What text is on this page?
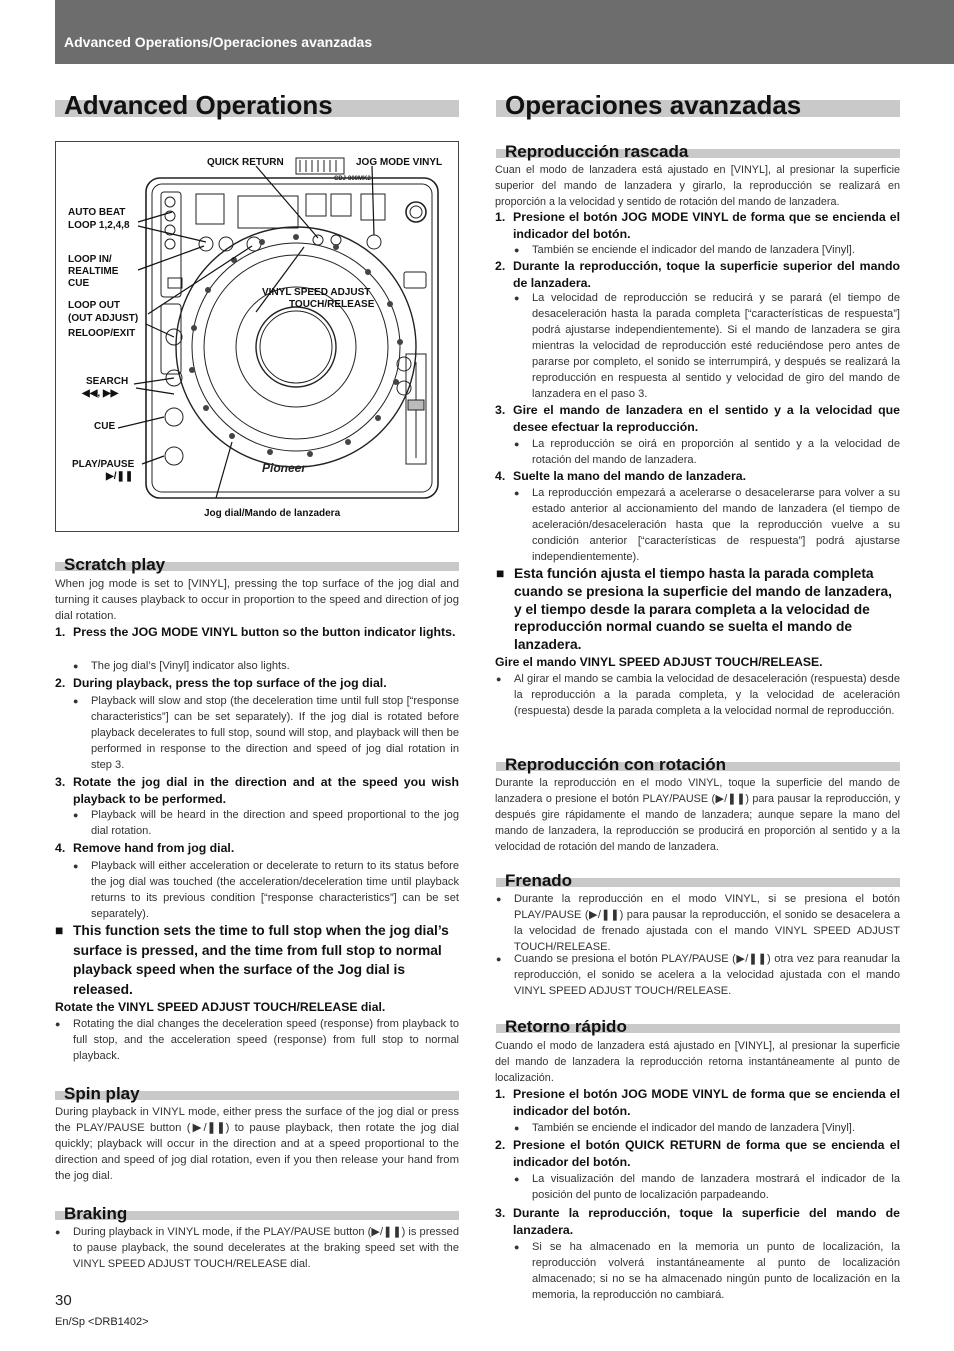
Advanced Operations/Operaciones avanzadas
Advanced Operations
Pioneer
CDJ-800MK2
QUICK RETURN	JOG MODE VINYL
AUTO BEAT
LOOP 1,2,4,8
LOOP IN/
REALTIME
CUE
VINYL SPEED ADJUST
TOUCH/RELEASE
LOOP OUT
(OUT ADJUST)
RELOOP/EXIT
SEARCH
◀◀, ▶▶
CUE
PLAY/PAUSE
▶/❚❚
Jog dial/Mando de lanzadera
Scratch play
When jog mode is set to [VINYL], pressing the top surface of the jog dial and turning it causes playback to occur in proportion to the speed and direction of jog dial rotation.
1. Press the JOG MODE VINYL button so the button indicator lights.
● The jog dial’s [Vinyl] indicator also lights.
2. During playback, press the top surface of the jog dial.
● Playback will slow and stop (the deceleration time until full stop [“response characteristics”] can be set separately). If the jog dial is rotated before playback decelerates to full stop, sound will stop, and playback will then be performed in response to the direction and speed of jog dial rotation in step 3.
3. Rotate the jog dial in the direction and at the speed you wish playback to be performed.
● Playback will be heard in the direction and speed proportional to the jog dial rotation.
4. Remove hand from jog dial.
● Playback will either acceleration or decelerate to return to its status before the jog dial was touched (the acceleration/deceleration time until playback returns to its previous condition [“response characteristics”] can be set separately).
■ This function sets the time to full stop when the jog dial’s surface is pressed, and the time from full stop to normal playback speed when the surface of the Jog dial is released.
Rotate the VINYL SPEED ADJUST TOUCH/RELEASE dial.
● Rotating the dial changes the deceleration speed (response) from playback to full stop, and the acceleration speed (response) from full stop to normal playback.
Spin play
During playback in VINYL mode, either press the surface of the jog dial or press the PLAY/PAUSE button (▶/❚❚) to pause playback, then rotate the jog dial quickly; playback will occur in the direction and at a speed proportional to the direction and speed of jog dial rotation, even if you then release your hand from the jog dial.
Braking
● During playback in VINYL mode, if the PLAY/PAUSE button (▶/❚❚) is pressed to pause playback, the sound decelerates at the braking speed set with the VINYL SPEED ADJUST TOUCH/RELEASE dial.
Operaciones avanzadas
Reproducción rascada
Cuan el modo de lanzadera está ajustado en [VINYL], al presionar la superficie superior del mando de lanzadera y girarlo, la reproducción se realizará en proporción a la velocidad y sentido de rotación del mando de lanzadera.
1. Presione el botón JOG MODE VINYL de forma que se encienda el indicador del botón.
● También se enciende el indicador del mando de lanzadera [Vinyl].
2. Durante la reproducción, toque la superficie superior del mando de lanzadera.
● La velocidad de reproducción se reducirá y se parará (el tiempo de desaceleración hasta la parada completa [“características de respuesta”] podrá ajustarse independientemente). Si el mando de lanzadera se gira mientras la velocidad de reproducción esté reduciéndose pero antes de pararse por completo, el sonido se interrumpirá, y después se realizará la reproducción en respuesta al sentido y velocidad de giro del mando de lanzadera en el paso 3.
3. Gire el mando de lanzadera en el sentido y a la velocidad que desee efectuar la reproducción.
● La reproducción se oirá en proporción al sentido y a la velocidad de rotación del mando de lanzadera.
4. Suelte la mano del mando de lanzadera.
● La reproducción empezará a acelerarse o desacelerarse para volver a su estado anterior al accionamiento del mando de lanzadera (el tiempo de aceleración/desaceleración hasta que la reproducción vuelve a su condición anterior [“características de respuesta”] podrá ajustarse independientemente).
■ Esta función ajusta el tiempo hasta la parada completa cuando se presiona la superficie del mando de lanzadera, y el tiempo desde la parara completa a la velocidad de reproducción normal cuando se suelta el mando de lanzadera.
Gire el mando VINYL SPEED ADJUST TOUCH/RELEASE.
● Al girar el mando se cambia la velocidad de desaceleración (respuesta) desde la reproducción a la parada completa, y la velocidad de aceleración (respuesta) desde la parada completa a la velocidad normal de reproducción.
Reproducción con rotación
Durante la reproducción en el modo VINYL, toque la superficie del mando de lanzadera o presione el botón PLAY/PAUSE (▶/❚❚) para pausar la reproducción, y después gire rápidamente el mando de lanzadera; aunque separe la mano del mando de lanzadera, la reproducción se producirá en proporción al sentido y a la velocidad de rotación del mando de lanzadera.
Frenado
● Durante la reproducción en el modo VINYL, si se presiona el botón PLAY/PAUSE (▶/❚❚) para pausar la reproducción, el sonido se desacelera a la velocidad de frenado ajustada con el mando VINYL SPEED ADJUST TOUCH/RELEASE.
● Cuando se presiona el botón PLAY/PAUSE (▶/❚❚) otra vez para reanudar la reproducción, el sonido se acelera a la velocidad ajustada con el mando VINYL SPEED ADJUST TOUCH/RELEASE.
Retorno rápido
Cuando el modo de lanzadera está ajustado en [VINYL], al presionar la superficie del mando de lanzadera la reproducción retorna instantáneamente al punto de localización.
1. Presione el botón JOG MODE VINYL de forma que se encienda el indicador del botón.
● También se enciende el indicador del mando de lanzadera [Vinyl].
2. Presione el botón QUICK RETURN de forma que se encienda el indicador del botón.
● La visualización del mando de lanzadera mostrará el indicador de la posición del punto de localización parpadeando.
3. Durante la reproducción, toque la superficie del mando de lanzadera.
● Si se ha almacenado en la memoria un punto de localización, la reproducción volverá instantáneamente al punto de localización almacenado; si no se ha almacenado ningún punto de localización en la memoria, la reproducción no cambiará.
30
En/Sp <DRB1402>
